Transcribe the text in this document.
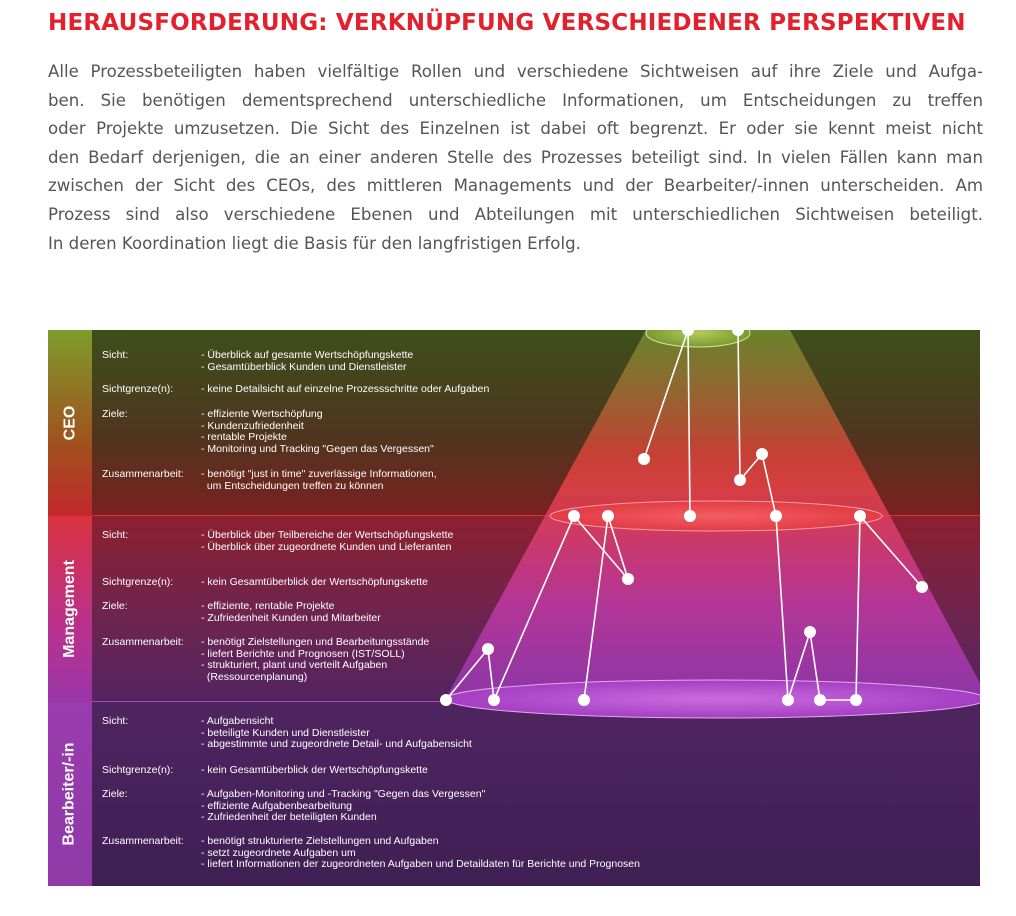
HERAUSFORDERUNG: VERKNÜPFUNG VERSCHIEDENER PERSPEKTIVEN

Alle Prozessbeteiligten haben vielfältige Rollen und verschiedene Sichtweisen auf ihre Ziele und Aufga-
ben. Sie benötigen dementsprechend unterschiedliche Informationen, um Entscheidungen zu treffen
oder Projekte umzusetzen. Die Sicht des Einzelnen ist dabei oft begrenzt. Er oder sie kennt meist nicht
den Bedarf derjenigen, die an einer anderen Stelle des Prozesses beteiligt sind. In vielen Fällen kann man
zwischen der Sicht des CEOs, des mittleren Managements und der Bearbeiter/-innen unterscheiden. Am
Prozess sind also verschiedene Ebenen und Abteilungen mit unterschiedlichen Sichtweisen beteiligt.
In deren Koordination liegt die Basis für den langfristigen Erfolg.

CEO
Management
Bearbeiter/-in
Sicht:	- Überblick auf gesamte Wertschöpfungskette
- Gesamtüberblick Kunden und Dienstleister
Sichtgrenze(n):	- keine Detailsicht auf einzelne Prozessschritte oder Aufgaben
Ziele:	- effiziente Wertschöpfung
- Kundenzufriedenheit
- rentable Projekte
- Monitoring und Tracking "Gegen das Vergessen"
Zusammenarbeit: - benötigt "just in time" zuverlässige Informationen,
um Entscheidungen treffen zu können
Sicht:	- Überblick über Teilbereiche der Wertschöpfungskette
- Überblick über zugeordnete Kunden und Lieferanten
Sichtgrenze(n):	- kein Gesamtüberblick der Wertschöpfungskette
Ziele:	- effiziente, rentable Projekte
- Zufriedenheit Kunden und Mitarbeiter
Zusammenarbeit: - benötigt Zielstellungen und Bearbeitungsstände
- liefert Berichte und Prognosen (IST/SOLL)
- strukturiert, plant und verteilt Aufgaben
(Ressourcenplanung)
Sicht:	- Aufgabensicht
- beteiligte Kunden und Dienstleister
- abgestimmte und zugeordnete Detail- und Aufgabensicht
Sichtgrenze(n):	- kein Gesamtüberblick der Wertschöpfungskette
Ziele:	- Aufgaben-Monitoring und -Tracking "Gegen das Vergessen"
- effiziente Aufgabenbearbeitung
- Zufriedenheit der beteiligten Kunden
Zusammenarbeit: - benötigt strukturierte Zielstellungen und Aufgaben
- setzt zugeordnete Aufgaben um
- liefert Informationen der zugeordneten Aufgaben und Detaildaten für Berichte und Prognosen
